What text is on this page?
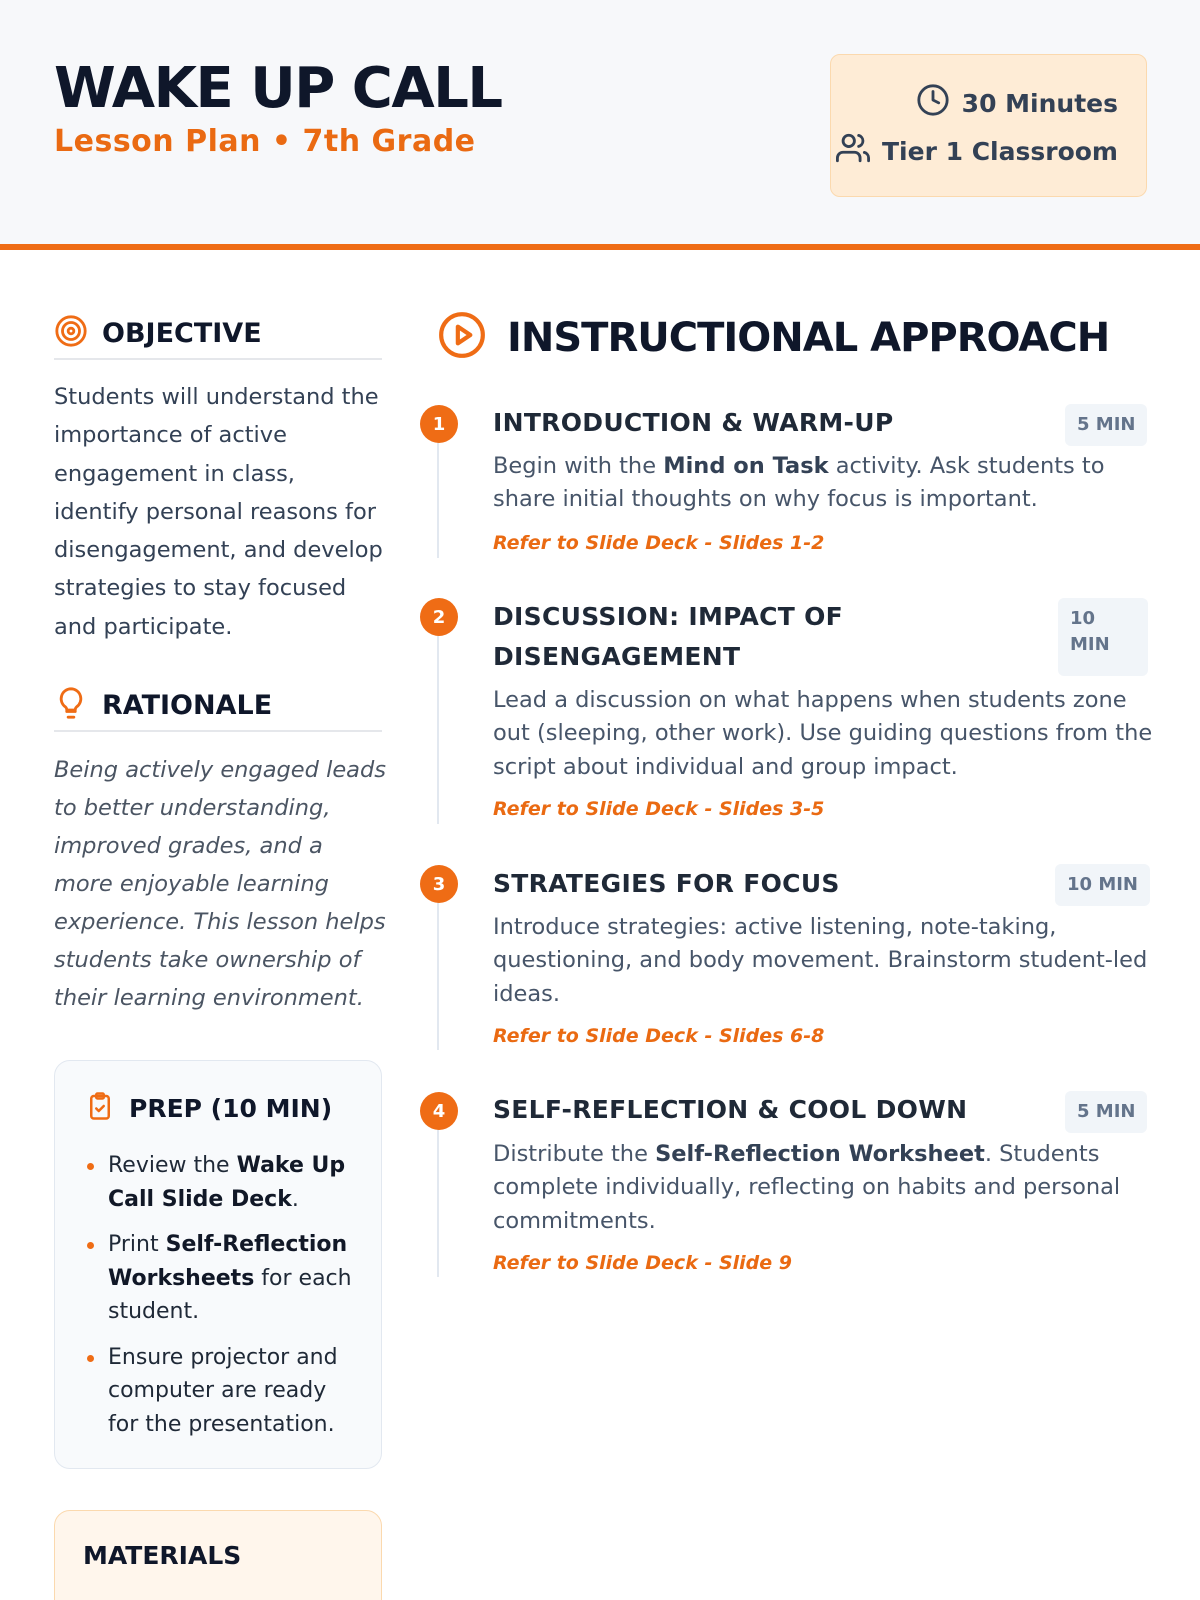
WAKE UP CALL
Lesson Plan • 7th Grade
30 Minutes
Tier 1 Classroom
OBJECTIVE
Students will understand the importance of active engagement in class, identify personal reasons for disengagement, and develop strategies to stay focused and participate.
RATIONALE
Being actively engaged leads to better understanding, improved grades, and a more enjoyable learning experience. This lesson helps students take ownership of their learning environment.
PREP (10 MIN)
Review the Wake Up Call Slide Deck.
Print Self-Reflection Worksheets for each student.
Ensure projector and computer are ready for the presentation.
MATERIALS
INSTRUCTIONAL APPROACH
1	INTRODUCTION & WARM-UP	5 MIN
Begin with the Mind on Task activity. Ask students to share initial thoughts on why focus is important.
Refer to Slide Deck - Slides 1-2
2	DISCUSSION: IMPACT OF DISENGAGEMENT
10 MIN
Lead a discussion on what happens when students zone out (sleeping, other work). Use guiding questions from the script about individual and group impact.
Refer to Slide Deck - Slides 3-5
3	STRATEGIES FOR FOCUS	10 MIN
Introduce strategies: active listening, note-taking, questioning, and body movement. Brainstorm student-led ideas.
Refer to Slide Deck - Slides 6-8
4	SELF-REFLECTION & COOL DOWN	5 MIN
Distribute the Self-Reflection Worksheet. Students complete individually, reflecting on habits and personal commitments.
Refer to Slide Deck - Slide 9
